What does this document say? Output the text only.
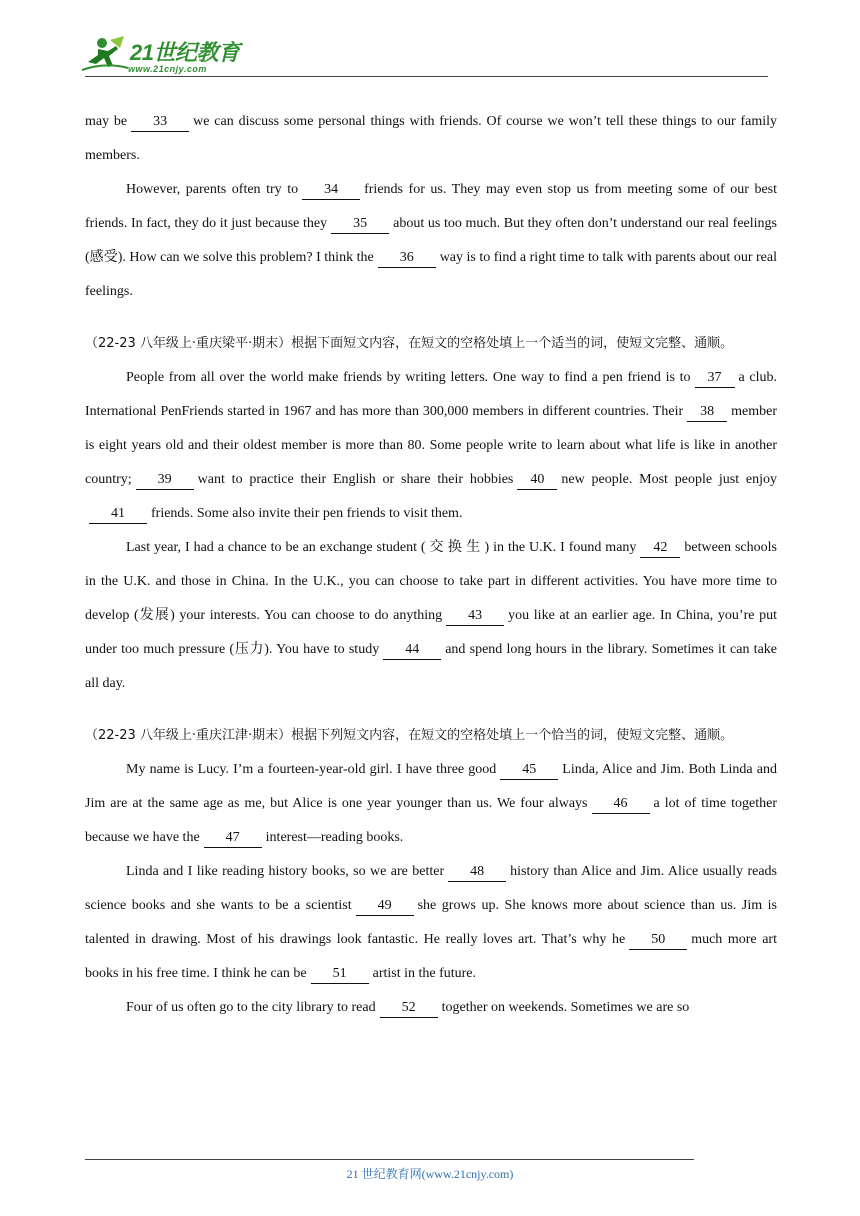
21世纪教育
www.21cnjy.com

may be 33 we can discuss some personal things with friends. Of course we won’t tell these things to our family members.

However, parents often try to 34 friends for us. They may even stop us from meeting some of our best friends. In fact, they do it just because they 35 about us too much. But they often don’t understand our real feelings (感受). How can we solve this problem? I think the 36 way is to find a right time to talk with parents about our real feelings.

（22-23 八年级上·重庆梁平·期末）根据下面短文内容，在短文的空格处填上一个适当的词，使短文完整、通顺。

People from all over the world make friends by writing letters. One way to find a pen friend is to 37 a club. International PenFriends started in 1967 and has more than 300,000 members in different countries. Their 38 member is eight years old and their oldest member is more than 80. Some people write to learn about what life is like in another country; 39 want to practice their English or share their hobbies 40 new people. Most people just enjoy41 friends. Some also invite their pen friends to visit them.

Last year, I had a chance to be an exchange student ( 交 换 生 ) in the U.K. I found many 42 between schools in the U.K. and those in China. In the U.K., you can choose to take part in different activities. You have more time to develop (发展) your interests. You can choose to do anything 43 you like at an earlier age. In China, you’re put under too much pressure (压力). You have to study 44 and spend long hours in the library. Sometimes it can take all day.

（22-23 八年级上·重庆江津·期末）根据下列短文内容，在短文的空格处填上一个恰当的词，使短文完整、通顺。

My name is Lucy. I’m a fourteen-year-old girl. I have three good 45 Linda, Alice and Jim. Both Linda and Jim are at the same age as me, but Alice is one year younger than us. We four always 46 a lot of time together because we have the 47 interest—reading books.

Linda and I like reading history books, so we are better 48 history than Alice and Jim. Alice usually reads science books and she wants to be a scientist 49 she grows up. She knows more about science than us. Jim is talented in drawing. Most of his drawings look fantastic. He really loves art. That’s why he 50 much more art books in his free time. I think he can be 51 artist in the future.

Four of us often go to the city library to read 52 together on weekends. Sometimes we are so

21 世纪教育网(www.21cnjy.com)
